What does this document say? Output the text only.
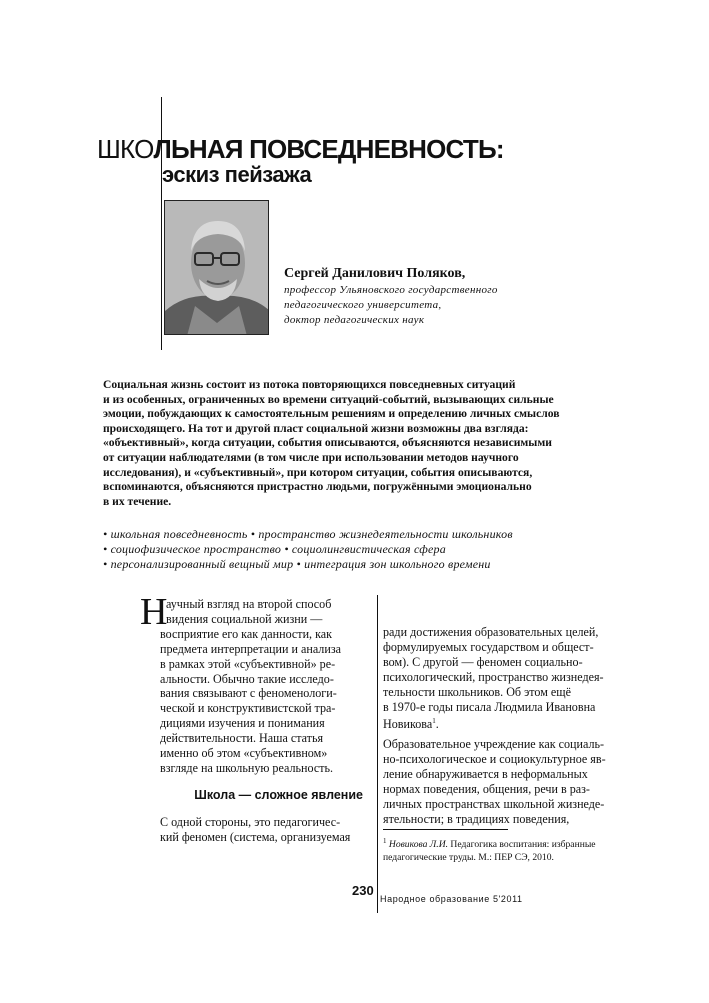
ШКОЛЬНАЯ ПОВСЕДНЕВНОСТЬ:
эскиз пейзажа
Сергей Данилович Поляков,
профессор Ульяновского государственного
педагогического университета,
доктор педагогических наук
Социальная жизнь состоит из потока повторяющихся повседневных ситуаций
и из особенных, ограниченных во времени ситуаций-событий, вызывающих сильные
эмоции, побуждающих к самостоятельным решениям и определению личных смыслов
происходящего. На тот и другой пласт социальной жизни возможны два взгляда:
«объективный», когда ситуации, события описываются, объясняются независимыми
от ситуации наблюдателями (в том числе при использовании методов научного
исследования), и «субъективный», при котором ситуации, события описываются,
вспоминаются, объясняются пристрастно людьми, погружёнными эмоционально
в их течение.
• школьная повседневность • пространство жизнедеятельности школьников
• социофизическое пространство • социолингвистическая сфера
• персонализированный вещный мир • интеграция зон школьного времени
Н
аучный взгляд на второй способ
видения социальной жизни —
восприятие его как данности, как
предмета интерпретации и анализа
в рамках этой «субъективной» ре-
альности. Обычно такие исследо-
вания связывают с феноменологи-
ческой и конструктивистской тра-
дициями изучения и понимания
действительности. Наша статья
именно об этом «субъективном»
взгляде на школьную реальность.
Школа — сложное явление
С одной стороны, это педагогичес-
кий феномен (система, организуемая
ради достижения образовательных целей,
формулируемых государством и общест-
вом). С другой — феномен социально-
психологический, пространство жизнедея-
тельности школьников. Об этом ещё
в 1970-е годы писала Людмила Ивановна
Новикова$^1$.
Образовательное учреждение как социаль-
но-психологическое и социокультурное яв-
ление обнаруживается в неформальных
нормах поведения, общения, речи в раз-
личных пространствах школьной жизнеде-
ятельности; в традициях поведения,
$^1$ Новикова Л.И. Педагогика воспитания: избранные
педагогические труды. М.: ПЕР СЭ, 2010.
230
Народное образование 5'2011
